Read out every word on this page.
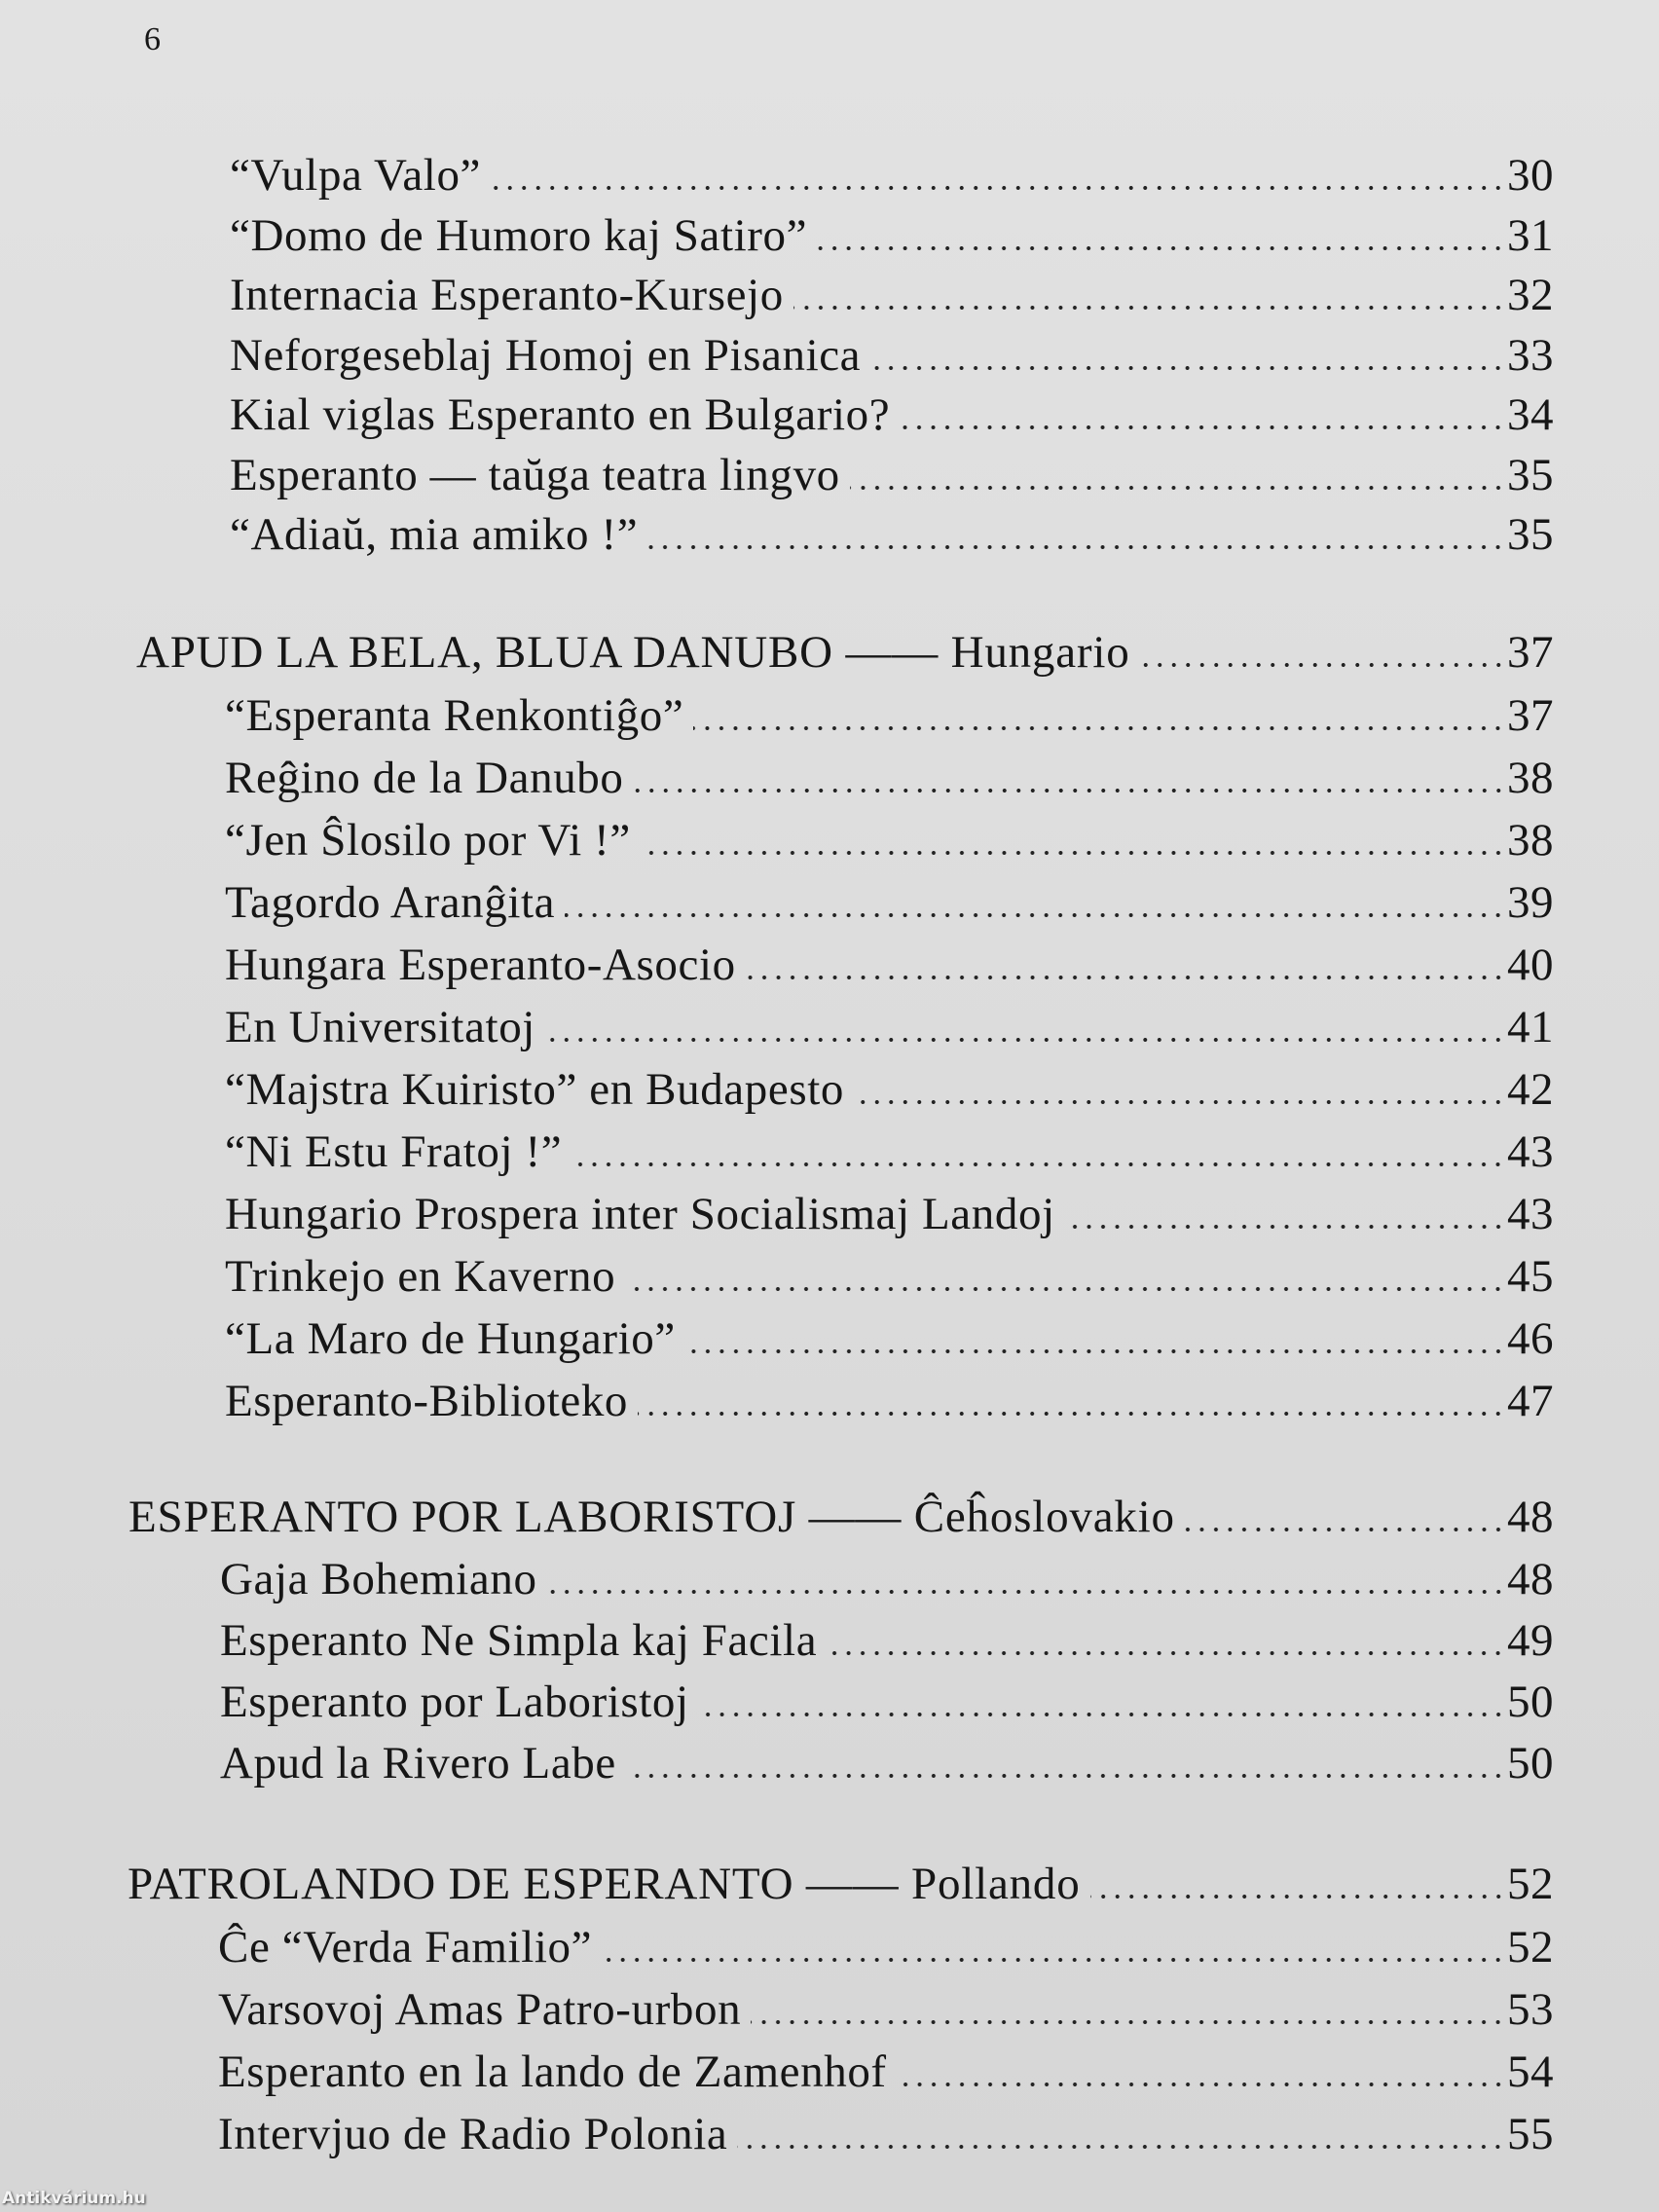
6
“Vulpa Valo”	30
“Domo de Humoro kaj Satiro”	31
Internacia Esperanto-Kursejo	32
Neforgeseblaj Homoj en Pisanica	33
Kial viglas Esperanto en Bulgario?	34
Esperanto — taŭga teatra lingvo	35
“Adiaŭ, mia amiko !”	35
APUD LA BELA, BLUA DANUBO —— Hungario	37
“Esperanta Renkontiĝo”	37
Reĝino de la Danubo	38
“Jen Ŝlosilo por Vi !”	38
Tagordo Aranĝita	39
Hungara Esperanto-Asocio	40
En Universitatoj	41
“Majstra Kuiristo” en Budapesto	42
“Ni Estu Fratoj !”	43
Hungario Prospera inter Socialismaj Landoj	43
Trinkejo en Kaverno	45
“La Maro de Hungario”	46
Esperanto-Biblioteko	47
ESPERANTO POR LABORISTOJ —— Ĉeĥoslovakio	48
Gaja Bohemiano	48
Esperanto Ne Simpla kaj Facila	49
Esperanto por Laboristoj	50
Apud la Rivero Labe	50
PATROLANDO DE ESPERANTO —— Pollando	52
Ĉe “Verda Familio”	52
Varsovoj Amas Patro-urbon	53
Esperanto en la lando de Zamenhof	54
Intervjuo de Radio Polonia	55
Antikvárium.hu
